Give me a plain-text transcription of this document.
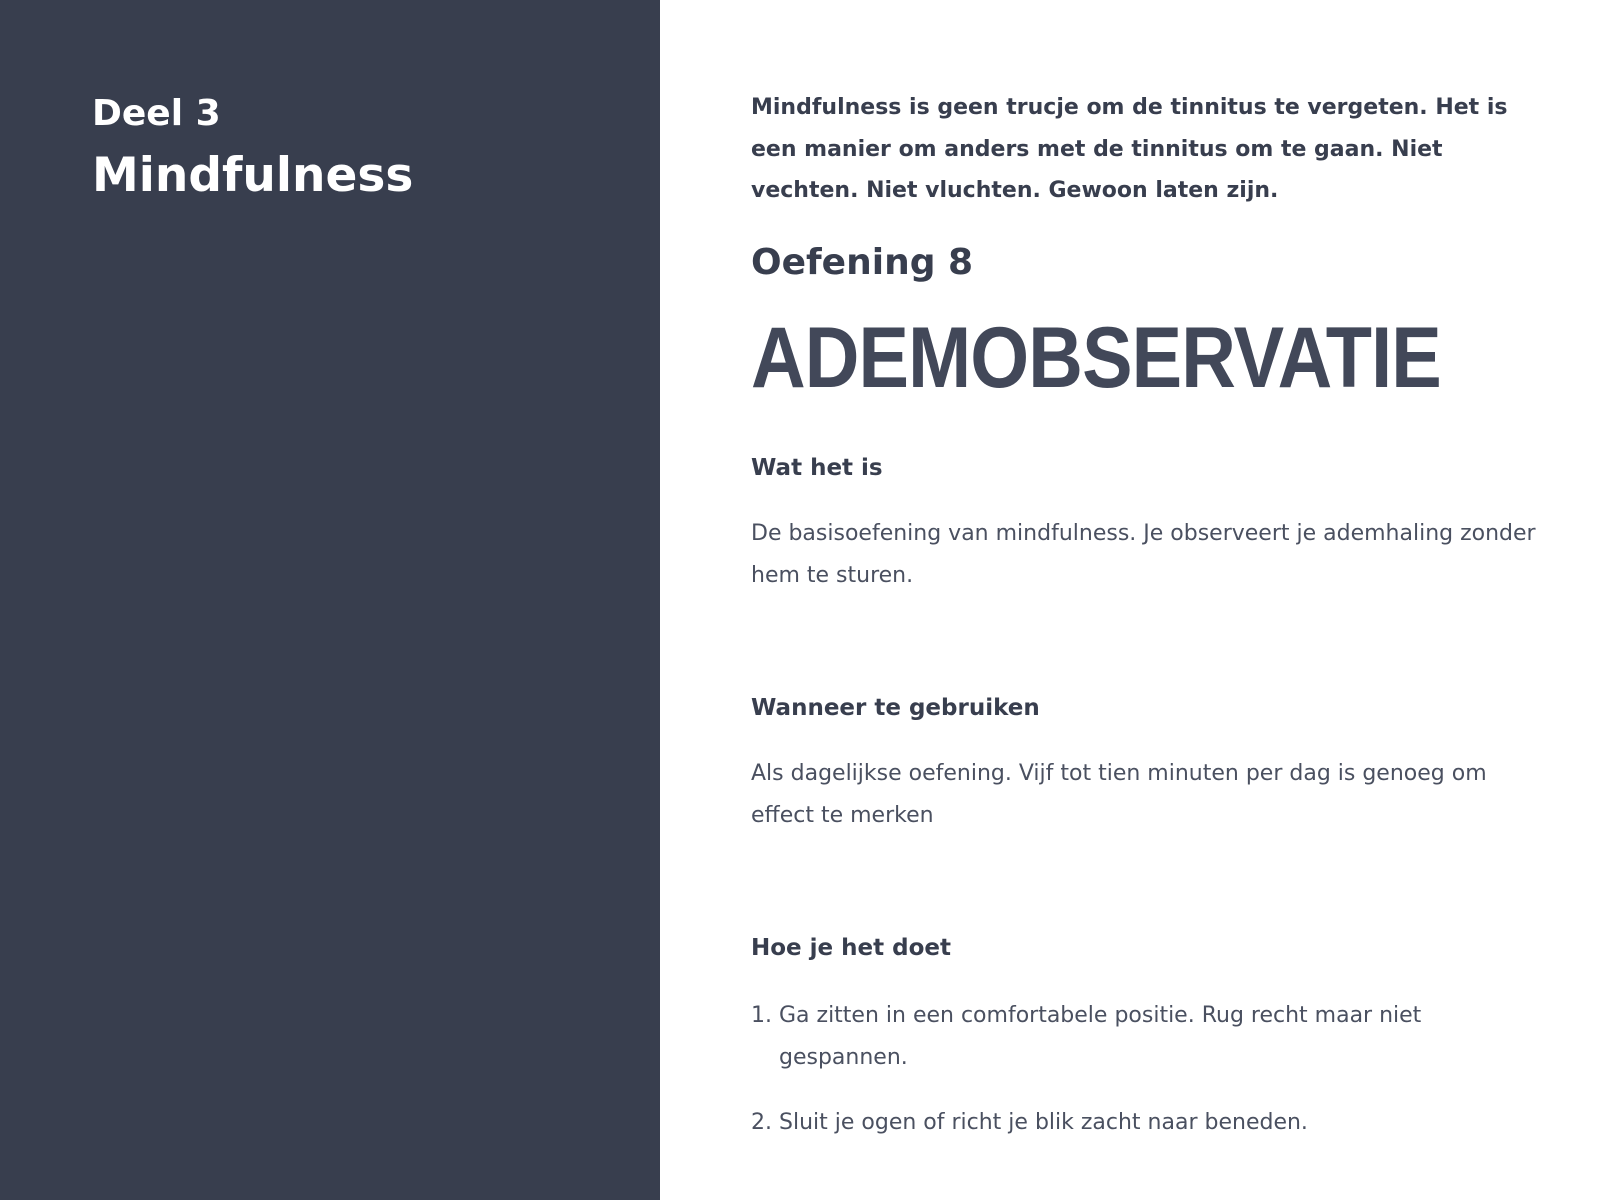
Deel 3
Mindfulness

Mindfulness is geen trucje om de tinnitus te vergeten. Het is een manier om anders met de tinnitus om te gaan. Niet vechten. Niet vluchten. Gewoon laten zijn.

Oefening 8
ADEMOBSERVATIE
Wat het is

De basisoefening van mindfulness. Je observeert je ademhaling zonder hem te sturen.

Wanneer te gebruiken

Als dagelijkse oefening. Vijf tot tien minuten per dag is genoeg om effect te merken

Hoe je het doet
1. Ga zitten in een comfortabele positie. Rug recht maar niet gespannen.
2. Sluit je ogen of richt je blik zacht naar beneden.
